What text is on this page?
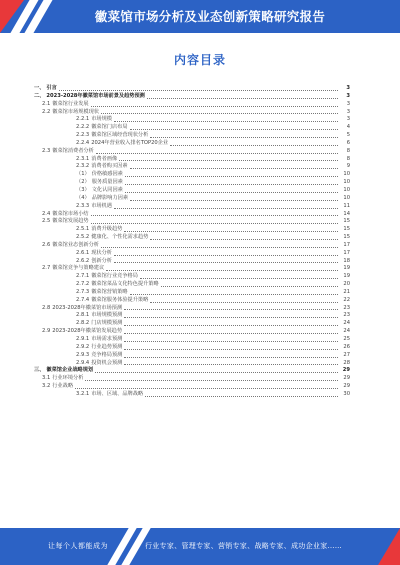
徽菜馆市场分析及业态创新策略研究报告
内容目录
一、 引言	3
二、 2023-2028年徽菜馆市场前景及趋势预测	3
2.1 徽菜馆行业发展	3
2.2 徽菜馆市场规模现状	3
2.2.1 市场规模	3
2.2.2 徽菜馆门店布局	4
2.2.3 徽菜馆区域经营现状分析	5
2.2.4 2024年营业收入排名TOP20企业	6
2.3 徽菜馆消费者分析	8
2.3.1 消费者画像	8
2.3.2 消费者购买因素	9
（1） 价格敏感因素	10
（2） 服务质量因素	10
（3） 文化认同因素	10
（4） 品牌影响力因素	10
2.3.3 市场机遇	11
2.4 徽菜馆市场小结	14
2.5 徽菜馆发展趋势	15
2.5.1 消费升级趋势	15
2.5.2 健康化、个性化需求趋势	15
2.6 徽菜馆业态创新分析	17
2.6.1 现状分析	17
2.6.2 创新分析	18
2.7 徽菜馆竞争与策略建议	19
2.7.1 徽菜馆行业竞争格局	19
2.7.2 徽菜馆菜品文化特色提升策略	20
2.7.3 徽菜馆营销策略	21
2.7.4 徽菜馆服务体验提升策略	22
2.8 2023-2028年徽菜馆市场预测	23
2.8.1 市场规模预测	23
2.8.2 门店规模预测	24
2.9 2023-2028年徽菜馆发展趋势	24
2.9.1 市场需求预测	25
2.9.2 行业趋势预测	26
2.9.3 竞争格局预测	27
2.9.4 投资机会预测	28
三、 徽菜馆企业战略规划	29
3.1 行业环境分析	29
3.2 行业战略	29
3.2.1 市场、区域、品牌战略	30
让每个人都能成为	行业专家、管理专家、营销专家、战略专家、成功企业家……
